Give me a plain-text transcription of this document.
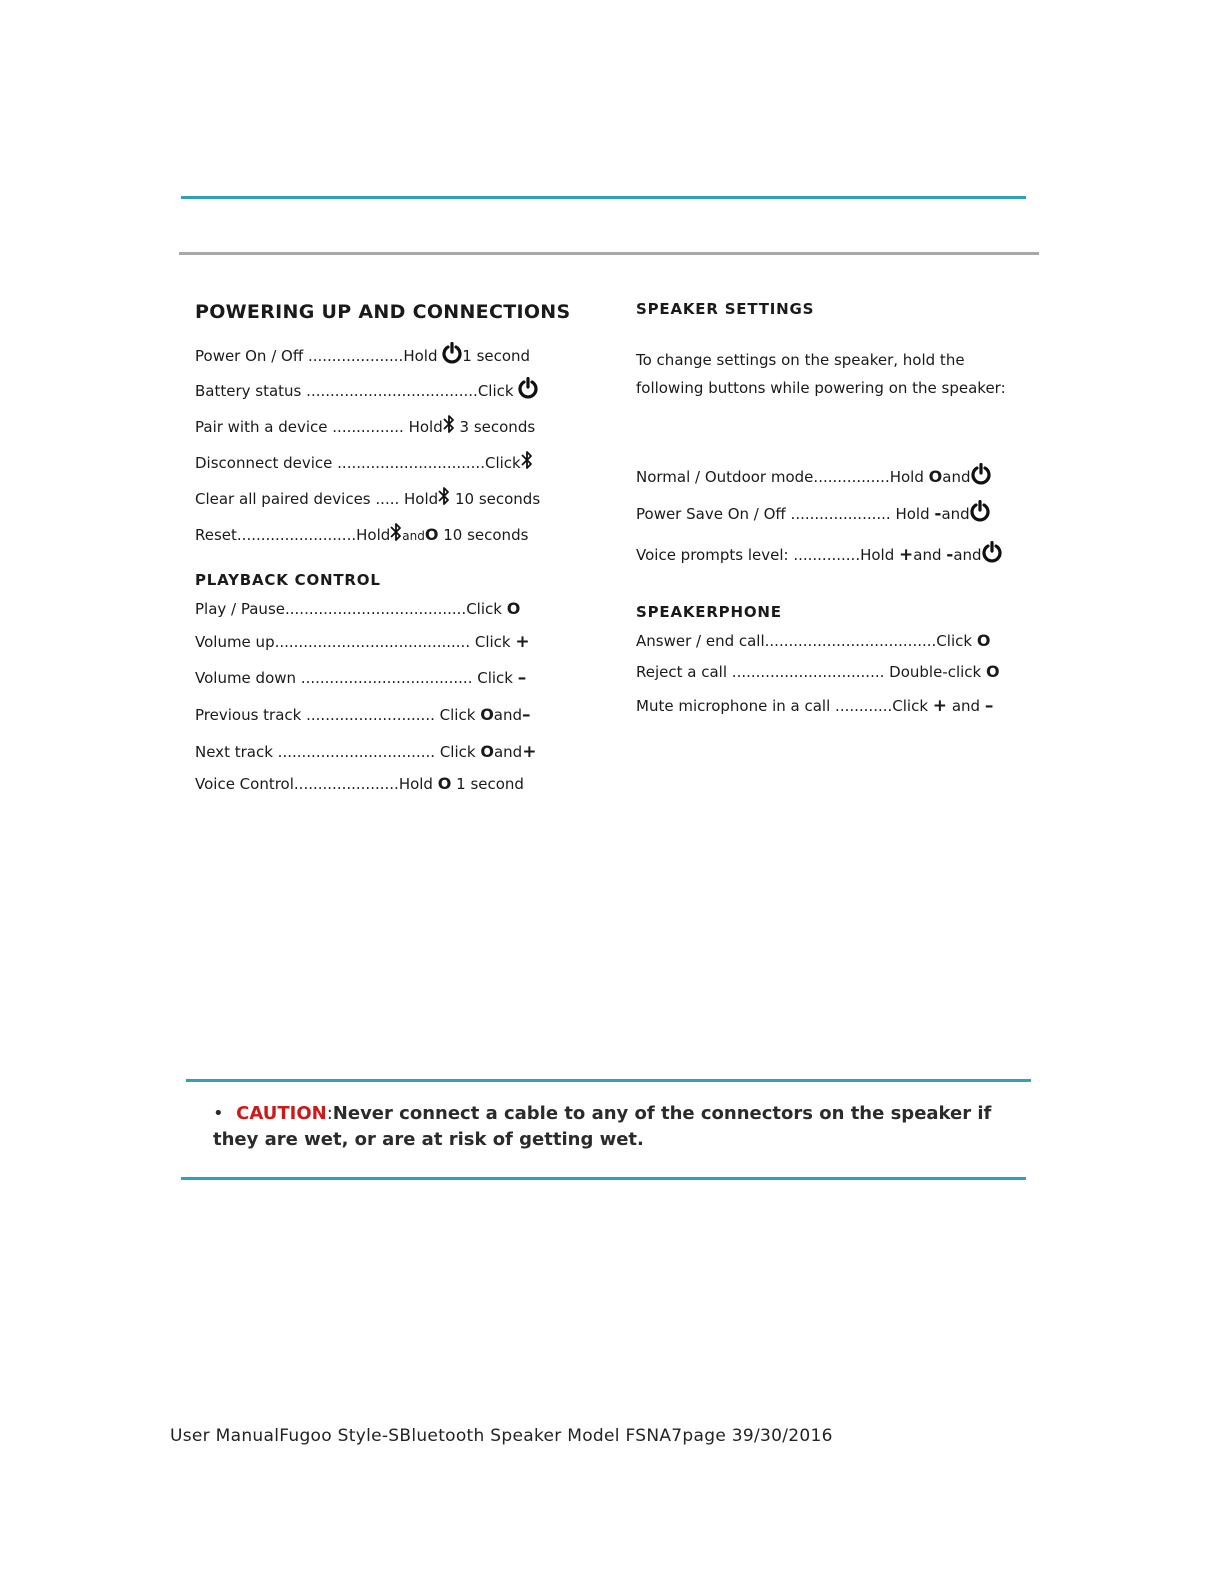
POWERING UP AND CONNECTIONS
Power On / Off ....................Hold 1 second
Battery status ....................................Click
Pair with a device ............... Hold 3 seconds
Disconnect device ...............................Click
Clear all paired devices ..... Hold 10 seconds
Reset.........................Hold andO 10 seconds
PLAYBACK CONTROL
Play / Pause......................................Click O
Volume up......................................... Click +
Volume down .................................... Click –
Previous track ........................... Click Oand–
Next track ................................. Click Oand+
Voice Control......................Hold O 1 second
SPEAKER SETTINGS

To change settings on the speaker, hold the following buttons while powering on the speaker:

Normal / Outdoor mode................Hold Oand
Power Save On / Off ..................... Hold -and
Voice prompts level: ..............Hold +and -and
SPEAKERPHONE
Answer / end call....................................Click O
Reject a call ................................ Double-click O
Mute microphone in a call ............Click + and –
• CAUTION:Never connect a cable to any of the connectors on the speaker if they are wet, or are at risk of getting wet.
User ManualFugoo Style-SBluetooth Speaker Model FSNA7page 39/30/2016
